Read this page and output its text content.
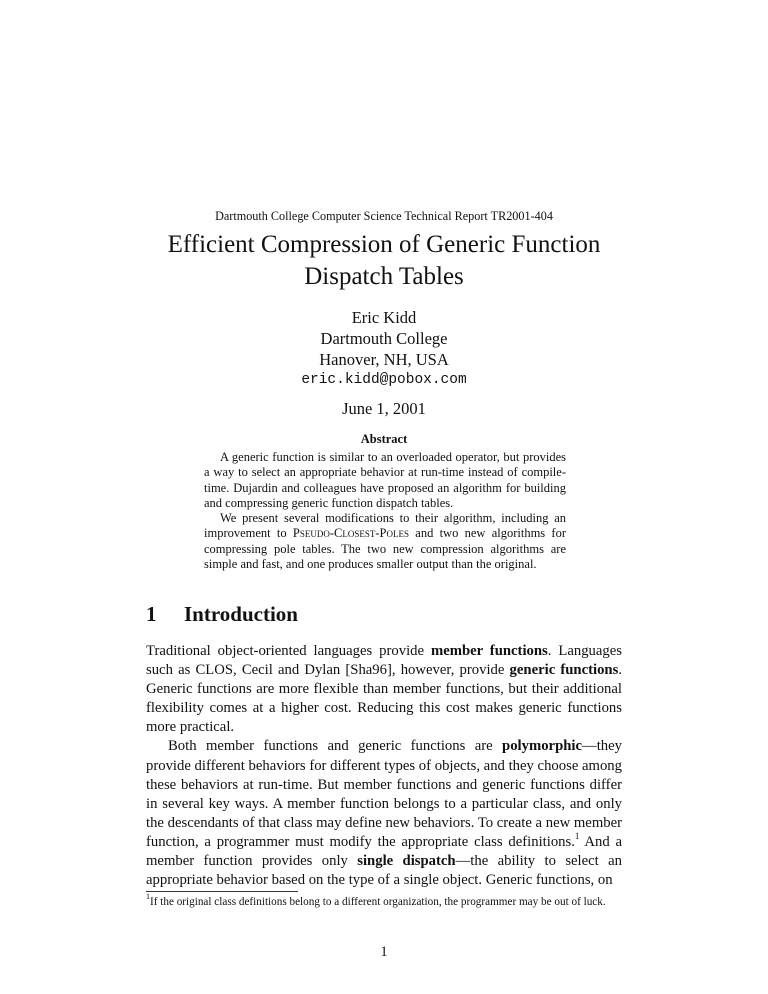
Dartmouth College Computer Science Technical Report TR2001-404
Efficient Compression of Generic Function
Dispatch Tables
Eric Kidd
Dartmouth College
Hanover, NH, USA
eric.kidd@pobox.com
June 1, 2001
Abstract

A generic function is similar to an overloaded operator, but provides a way to select an appropriate behavior at run-time instead of compile-time. Dujardin and colleagues have proposed an algorithm for building and compressing generic function dispatch tables.

We present several modifications to their algorithm, including an improvement to Pseudo-Closest-Poles and two new algorithms for compressing pole tables. The two new compression algorithms are simple and fast, and one produces smaller output than the original.

1 Introduction

Traditional object-oriented languages provide member functions. Languages such as CLOS, Cecil and Dylan [Sha96], however, provide generic functions. Generic functions are more flexible than member functions, but their additional flexibility comes at a higher cost. Reducing this cost makes generic functions more practical.

Both member functions and generic functions are polymorphic—they provide different behaviors for different types of objects, and they choose among these behaviors at run-time. But member functions and generic functions differ in several key ways. A member function belongs to a particular class, and only the descendants of that class may define new behaviors. To create a new member function, a programmer must modify the appropriate class definitions.$^1$ And a member function provides only single dispatch—the ability to select an appropriate behavior based on the type of a single object. Generic functions, on

$^1$If the original class definitions belong to a different organization, the programmer may be out of luck.
1
